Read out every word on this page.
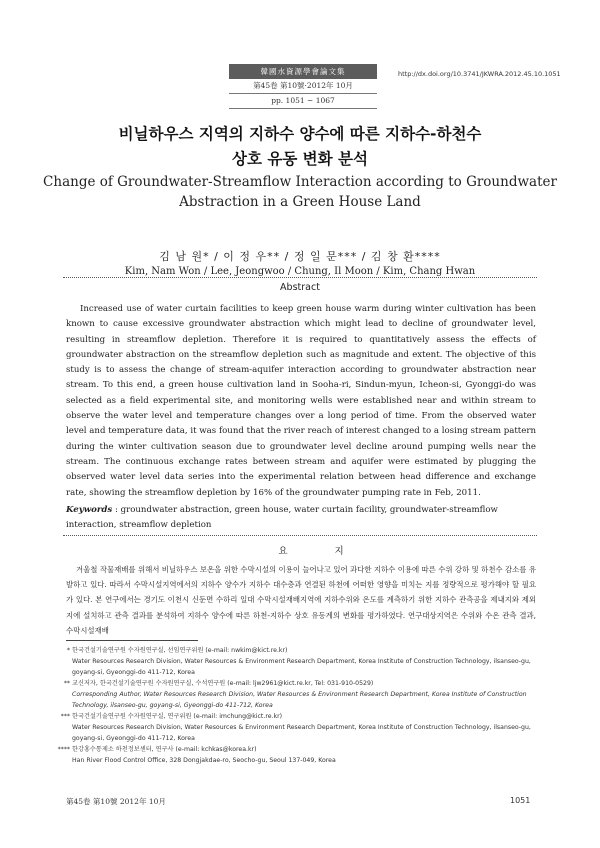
韓國水資源學會論文集
第45卷 第10號·2012年 10月
pp. 1051 ~ 1067
http://dx.doi.org/10.3741/JKWRA.2012.45.10.1051
비닐하우스 지역의 지하수 양수에 따른 지하수-하천수
상호 유동 변화 분석
Change of Groundwater-Streamflow Interaction according to Groundwater
Abstraction in a Green House Land
김 남 원* / 이 정 우** / 정 일 문*** / 김 창 환****
Kim, Nam Won / Lee, Jeongwoo / Chung, Il Moon / Kim, Chang Hwan
Abstract
Increased use of water curtain facilities to keep green house warm during winter cultivation has been known to cause excessive groundwater abstraction which might lead to decline of groundwater level, resulting in streamflow depletion. Therefore it is required to quantitatively assess the effects of groundwater abstraction on the streamflow depletion such as magnitude and extent. The objective of this study is to assess the change of stream-aquifer interaction according to groundwater abstraction near stream. To this end, a green house cultivation land in Sooha-ri, Sindun-myun, Icheon-si, Gyonggi-do was selected as a field experimental site, and monitoring wells were established near and within stream to observe the water level and temperature changes over a long period of time. From the observed water level and temperature data, it was found that the river reach of interest changed to a losing stream pattern during the winter cultivation season due to groundwater level decline around pumping wells near the stream. The continuous exchange rates between stream and aquifer were estimated by plugging the observed water level data series into the experimental relation between head difference and exchange rate, showing the streamflow depletion by 16% of the groundwater pumping rate in Feb, 2011.
Keywords : groundwater abstraction, green house, water curtain facility, groundwater-streamflow interaction, streamflow depletion
요 지
겨울철 작물재배를 위해서 비닐하우스 보온을 위한 수막시설의 이용이 늘어나고 있어 과다한 지하수 이용에 따른 수위 강하 및 하천수 감소를 유발하고 있다. 따라서 수막시설지역에서의 지하수 양수가 지하수 대수층과 연결된 하천에 어떠한 영향을 미치는 지를 정량적으로 평가해야 할 필요가 있다. 본 연구에서는 경기도 이천시 신둔면 수하리 일대 수막시설재배지역에 지하수위와 온도를 계측하기 위한 지하수 관측공을 제내지와 제외지에 설치하고 관측 결과를 분석하여 지하수 양수에 따른 하천-지하수 상호 유동계의 변화를 평가하였다. 연구대상지역은 수위와 수온 관측 결과, 수막시설재배
* 한국건설기술연구원 수자원연구실, 선임연구위원 (e-mail: nwkim@kict.re.kr)
Water Resources Research Division, Water Resources & Environment Research Department, Korea Institute of Construction Technology, ilsanseo-gu, goyang-si, Gyeonggi-do 411-712, Korea
** 교신저자, 한국건설기술연구원 수자원연구실, 수석연구원 (e-mail: ljw2961@kict.re.kr, Tel: 031-910-0529)
Corresponding Author, Water Resources Research Division, Water Resources & Environment Research Department, Korea Institute of Construction Technology, ilsanseo-gu, goyang-si, Gyeonggi-do 411-712, Korea
*** 한국건설기술연구원 수자원연구실, 연구위원 (e-mail: imchung@kict.re.kr)
Water Resources Research Division, Water Resources & Environment Research Department, Korea Institute of Construction Technology, ilsanseo-gu, goyang-si, Gyeonggi-do 411-712, Korea
**** 한강홍수통제소 하천정보센터, 연구사 (e-mail: kchkas@korea.kr)
Han River Flood Control Office, 328 Dongjakdae-ro, Seocho-gu, Seoul 137-049, Korea
第45卷 第10號 2012年 10月	1051
